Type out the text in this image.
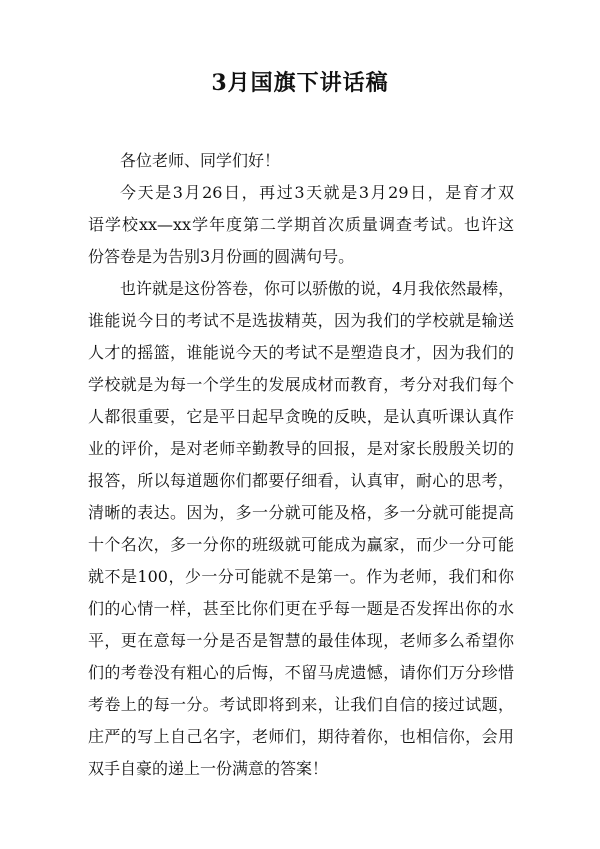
3月国旗下讲话稿
各位老师、同学们好！
今天是3月26日，再过3天就是3月29日，是育才双
语学校xx—xx学年度第二学期首次质量调查考试。也许这
份答卷是为告别3月份画的圆满句号。
也许就是这份答卷，你可以骄傲的说，4月我依然最棒，
谁能说今日的考试不是选拔精英，因为我们的学校就是输送
人才的摇篮，谁能说今天的考试不是塑造良才，因为我们的
学校就是为每一个学生的发展成材而教育，考分对我们每个
人都很重要，它是平日起早贪晚的反映，是认真听课认真作
业的评价，是对老师辛勤教导的回报，是对家长殷殷关切的
报答，所以每道题你们都要仔细看，认真审，耐心的思考，
清晰的表达。因为，多一分就可能及格，多一分就可能提高
十个名次，多一分你的班级就可能成为赢家，而少一分可能
就不是100，少一分可能就不是第一。作为老师，我们和你
们的心情一样，甚至比你们更在乎每一题是否发挥出你的水
平，更在意每一分是否是智慧的最佳体现，老师多么希望你
们的考卷没有粗心的后悔，不留马虎遗憾，请你们万分珍惜
考卷上的每一分。考试即将到来，让我们自信的接过试题，
庄严的写上自己名字，老师们，期待着你，也相信你，会用
双手自豪的递上一份满意的答案！
